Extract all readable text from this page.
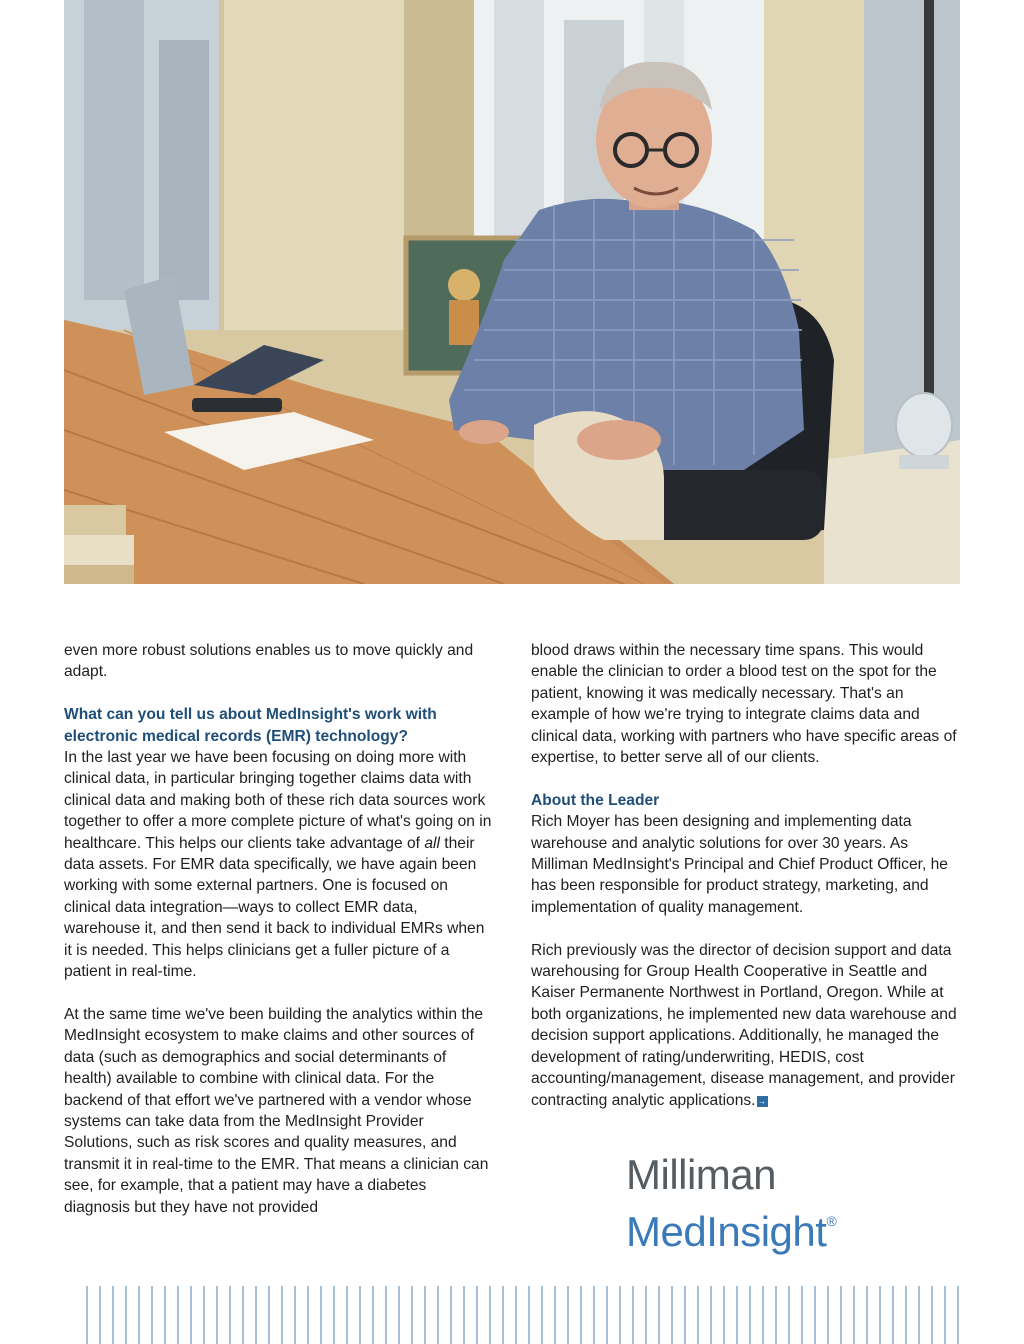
even more robust solutions enables us to move quickly and adapt.

What can you tell us about MedInsight's work with electronic medical records (EMR) technology?

In the last year we have been focusing on doing more with clinical data, in particular bringing together claims data with clinical data and making both of these rich data sources work together to offer a more complete picture of what's going on in healthcare. This helps our clients take advantage of all their data assets. For EMR data specifically, we have again been working with some external partners. One is focused on clinical data integration—ways to collect EMR data, warehouse it, and then send it back to individual EMRs when it is needed. This helps clinicians get a fuller picture of a patient in real-time.

At the same time we've been building the analytics within the MedInsight ecosystem to make claims and other sources of data (such as demographics and social determinants of health) available to combine with clinical data. For the backend of that effort we've partnered with a vendor whose systems can take data from the MedInsight Provider Solutions, such as risk scores and quality measures, and transmit it in real-time to the EMR. That means a clinician can see, for example, that a patient may have a diabetes diagnosis but they have not provided

blood draws within the necessary time spans. This would enable the clinician to order a blood test on the spot for the patient, knowing it was medically necessary. That's an example of how we're trying to integrate claims data and clinical data, working with partners who have specific areas of expertise, to better serve all of our clients.

About the Leader

Rich Moyer has been designing and implementing data warehouse and analytic solutions for over 30 years. As Milliman MedInsight's Principal and Chief Product Officer, he has been responsible for product strategy, marketing, and implementation of quality management.

Rich previously was the director of decision support and data warehousing for Group Health Cooperative in Seattle and Kaiser Permanente Northwest in Portland, Oregon. While at both organizations, he implemented new data warehouse and decision support applications. Additionally, he managed the development of rating/underwriting, HEDIS, cost accounting/management, disease management, and provider contracting analytic applications. →

Milliman
MedInsight®
